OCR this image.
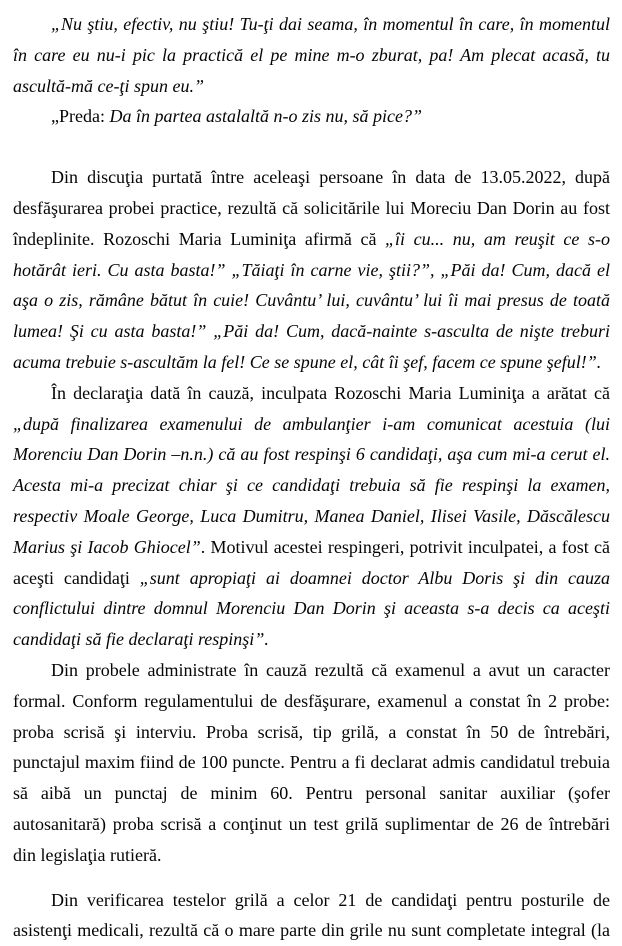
„Nu ştiu, efectiv, nu ştiu! Tu-ţi dai seama, în momentul în care, în momentul în care eu nu-i pic la practică el pe mine m-o zburat, pa! Am plecat acasă, tu ascultă-mă ce-ţi spun eu.”

„Preda: Da în partea astalaltă n-o zis nu, să pice?”

Din discuţia purtată între aceleaşi persoane în data de 13.05.2022, după desfăşurarea probei practice, rezultă că solicitările lui Moreciu Dan Dorin au fost îndeplinite. Rozoschi Maria Luminiţa afirmă că „îi cu... nu, am reuşit ce s-o hotărât ieri. Cu asta basta!” „Tăiaţi în carne vie, ştii?”, „Păi da! Cum, dacă el aşa o zis, rămâne bătut în cuie! Cuvântu’ lui, cuvântu’ lui îi mai presus de toată lumea! Şi cu asta basta!” „Păi da! Cum, dacă-nainte s-asculta de nişte treburi acuma trebuie s-ascultăm la fel! Ce se spune el, cât îi şef, facem ce spune şeful!”.

În declaraţia dată în cauză, inculpata Rozoschi Maria Luminiţa a arătat că „după finalizarea examenului de ambulanţier i-am comunicat acestuia (lui Morenciu Dan Dorin –n.n.) că au fost respinşi 6 candidaţi, aşa cum mi-a cerut el. Acesta mi-a precizat chiar şi ce candidaţi trebuia să fie respinşi la examen, respectiv Moale George, Luca Dumitru, Manea Daniel, Ilisei Vasile, Dăscălescu Marius şi Iacob Ghiocel”. Motivul acestei respingeri, potrivit inculpatei, a fost că aceşti candidaţi „sunt apropiaţi ai doamnei doctor Albu Doris şi din cauza conflictului dintre domnul Morenciu Dan Dorin şi aceasta s-a decis ca aceşti candidaţi să fie declaraţi respinşi”.

Din probele administrate în cauză rezultă că examenul a avut un caracter formal. Conform regulamentului de desfăşurare, examenul a constat în 2 probe: proba scrisă şi interviu. Proba scrisă, tip grilă, a constat în 50 de întrebări, punctajul maxim fiind de 100 puncte. Pentru a fi declarat admis candidatul trebuia să aibă un punctaj de minim 60. Pentru personal sanitar auxiliar (şofer autosanitară) proba scrisă a conţinut un test grilă suplimentar de 26 de întrebări din legislaţia rutieră.

Din verificarea testelor grilă a celor 21 de candidaţi pentru posturile de asistenţi medicali, rezultă că o mare parte din grile nu sunt completate integral (la
